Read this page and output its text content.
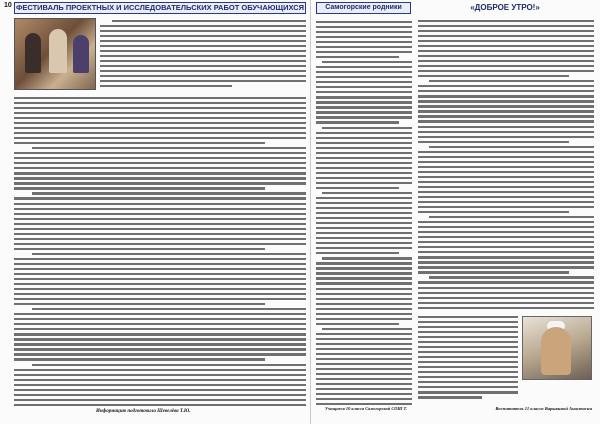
10 ФЕСТИВАЛЬ ПРОЕКТНЫХ И ИССЛЕДОВАТЕЛЬСКИХ РАБОТ ОБУЧАЮЩИХСЯ
Информацию подготовила Шевелёва Т.Ю.
Самогорские родники
Учащиеся 10 класса Самогорской СОШ Т.
«ДОБРОЕ УТРО!»
Воспитатель 11 класса Варыкиной Анастасии
